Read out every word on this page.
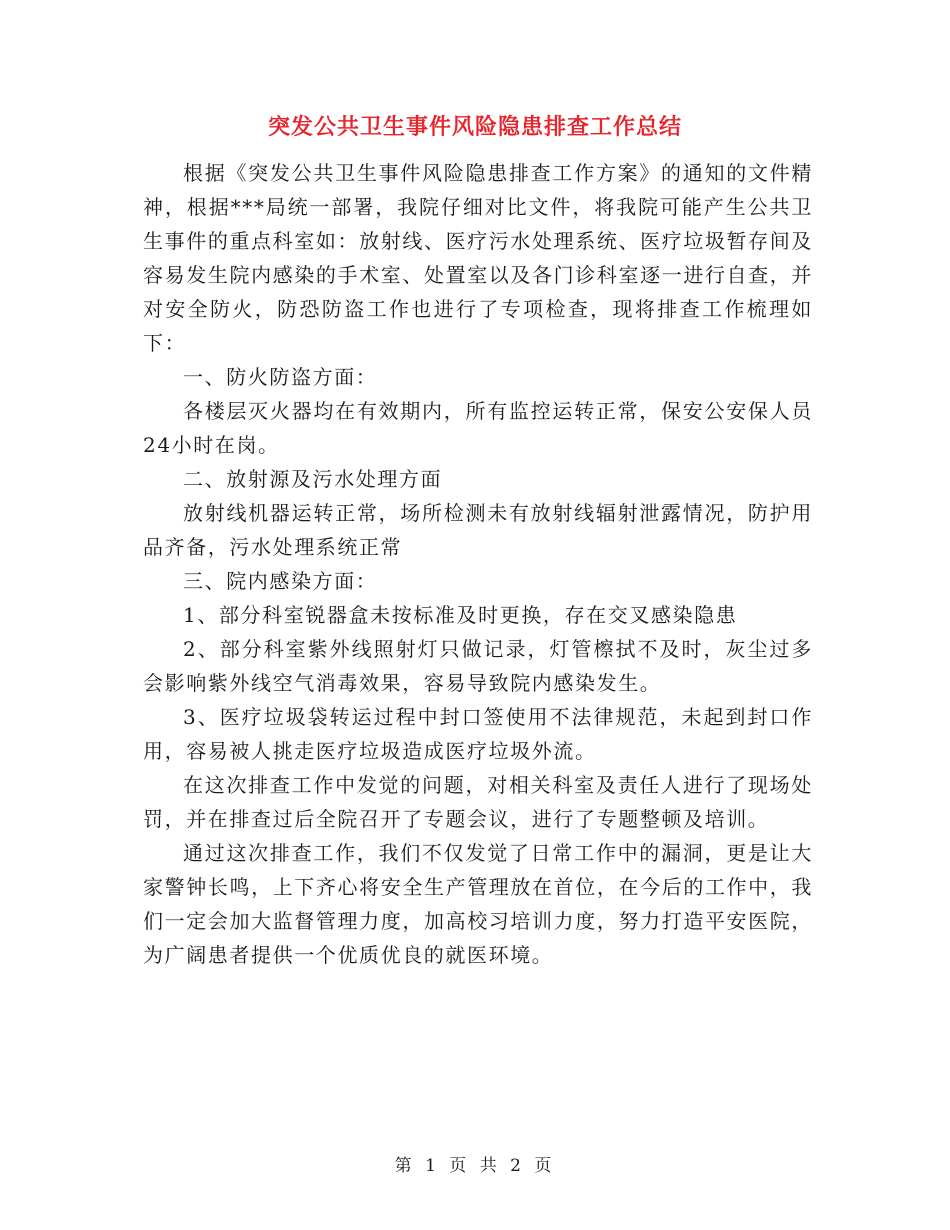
突发公共卫生事件风险隐患排查工作总结

根据《突发公共卫生事件风险隐患排查工作方案》的通知的文件精神，根据***局统一部署，我院仔细对比文件，将我院可能产生公共卫生事件的重点科室如：放射线、医疗污水处理系统、医疗垃圾暂存间及容易发生院内感染的手术室、处置室以及各门诊科室逐一进行自查，并对安全防火，防恐防盗工作也进行了专项检查，现将排查工作梳理如下：

一、防火防盗方面：

各楼层灭火器均在有效期内，所有监控运转正常，保安公安保人员24小时在岗。

二、放射源及污水处理方面

放射线机器运转正常，场所检测未有放射线辐射泄露情况，防护用品齐备，污水处理系统正常

三、院内感染方面：

1、部分科室锐器盒未按标准及时更换，存在交叉感染隐患

2、部分科室紫外线照射灯只做记录，灯管檫拭不及时，灰尘过多会影响紫外线空气消毒效果，容易导致院内感染发生。

3、医疗垃圾袋转运过程中封口签使用不法律规范，未起到封口作用，容易被人挑走医疗垃圾造成医疗垃圾外流。

在这次排查工作中发觉的问题，对相关科室及责任人进行了现场处罚，并在排查过后全院召开了专题会议，进行了专题整顿及培训。

通过这次排查工作，我们不仅发觉了日常工作中的漏洞，更是让大家警钟长鸣，上下齐心将安全生产管理放在首位，在今后的工作中，我们一定会加大监督管理力度，加高校习培训力度，努力打造平安医院，为广阔患者提供一个优质优良的就医环境。

第 1 页 共 2 页
